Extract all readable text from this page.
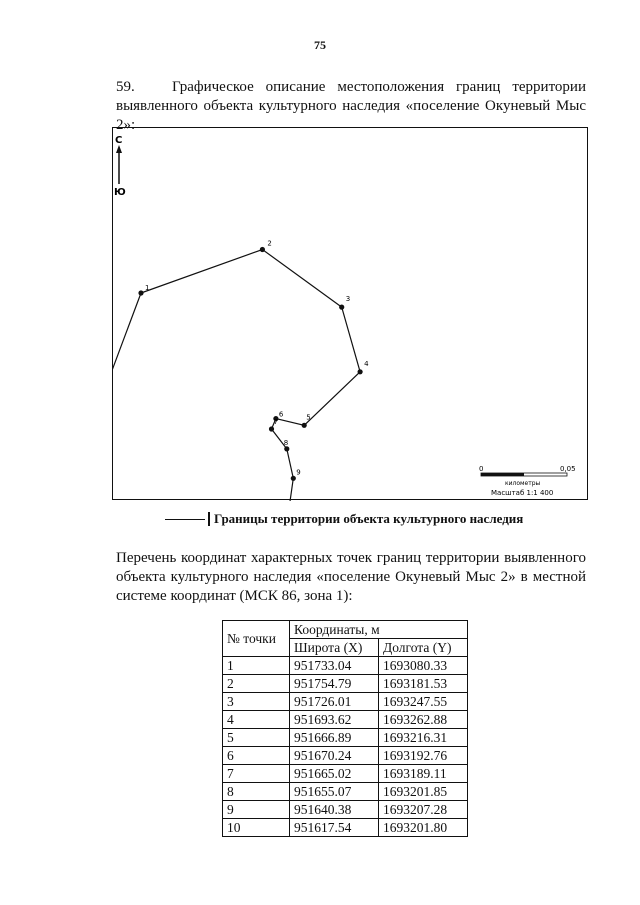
75
59. Графическое описание местоположения границ территории выявленного объекта культурного наследия «поселение Окуневый Мыс 2»:
С
Ю
1
2
3
4
5
6
7
8
9	0	0,05
километры
Масштаб 1:1 400
Границы территории объекта культурного наследия
Перечень координат характерных точек границ территории выявленного объекта культурного наследия «поселение Окуневый Мыс 2» в местной системе координат (МСК 86, зона 1):
№ точки	Координаты, м	
	Широта (X)	Долгота (Y)
1	951733.04	1693080.33
2	951754.79	1693181.53
3	951726.01	1693247.55
4	951693.62	1693262.88
5	951666.89	1693216.31
6	951670.24	1693192.76
7	951665.02	1693189.11
8	951655.07	1693201.85
9	951640.38	1693207.28
10	951617.54	1693201.80
